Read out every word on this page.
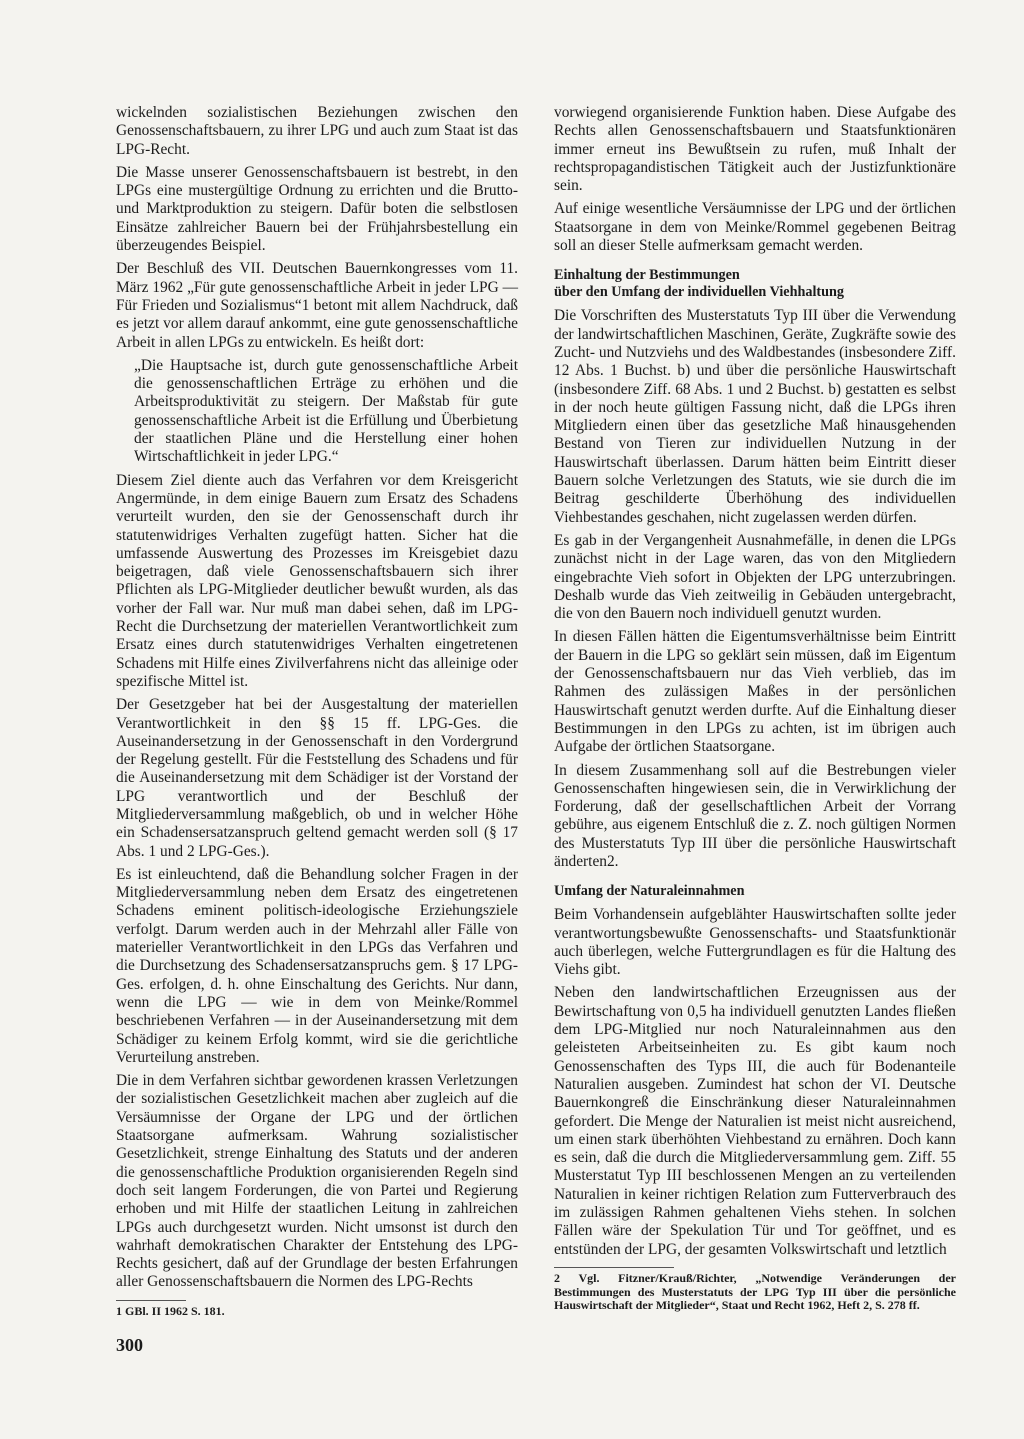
wickelnden sozialistischen Beziehungen zwischen den Genossenschaftsbauern, zu ihrer LPG und auch zum Staat ist das LPG-Recht.

Die Masse unserer Genossenschaftsbauern ist bestrebt, in den LPGs eine mustergültige Ordnung zu errichten und die Brutto- und Marktproduktion zu steigern. Dafür boten die selbstlosen Einsätze zahlreicher Bauern bei der Frühjahrsbestellung ein überzeugendes Beispiel.

Der Beschluß des VII. Deutschen Bauernkongresses vom 11. März 1962 „Für gute genossenschaftliche Arbeit in jeder LPG — Für Frieden und Sozialismus“1 betont mit allem Nachdruck, daß es jetzt vor allem darauf ankommt, eine gute genossenschaftliche Arbeit in allen LPGs zu entwickeln. Es heißt dort:

„Die Hauptsache ist, durch gute genossenschaftliche Arbeit die genossenschaftlichen Erträge zu erhöhen und die Arbeitsproduktivität zu steigern. Der Maßstab für gute genossenschaftliche Arbeit ist die Erfüllung und Überbietung der staatlichen Pläne und die Herstellung einer hohen Wirtschaftlichkeit in jeder LPG.“

Diesem Ziel diente auch das Verfahren vor dem Kreisgericht Angermünde, in dem einige Bauern zum Ersatz des Schadens verurteilt wurden, den sie der Genossenschaft durch ihr statutenwidriges Verhalten zugefügt hatten. Sicher hat die umfassende Auswertung des Prozesses im Kreisgebiet dazu beigetragen, daß viele Genossenschaftsbauern sich ihrer Pflichten als LPG-Mitglieder deutlicher bewußt wurden, als das vorher der Fall war. Nur muß man dabei sehen, daß im LPG-Recht die Durchsetzung der materiellen Verantwortlichkeit zum Ersatz eines durch statutenwidriges Verhalten eingetretenen Schadens mit Hilfe eines Zivilverfahrens nicht das alleinige oder spezifische Mittel ist.

Der Gesetzgeber hat bei der Ausgestaltung der materiellen Verantwortlichkeit in den §§ 15 ff. LPG-Ges. die Auseinandersetzung in der Genossenschaft in den Vordergrund der Regelung gestellt. Für die Feststellung des Schadens und für die Auseinandersetzung mit dem Schädiger ist der Vorstand der LPG verantwortlich und der Beschluß der Mitgliederversammlung maßgeblich, ob und in welcher Höhe ein Schadensersatzanspruch geltend gemacht werden soll (§ 17 Abs. 1 und 2 LPG-Ges.).

Es ist einleuchtend, daß die Behandlung solcher Fragen in der Mitgliederversammlung neben dem Ersatz des eingetretenen Schadens eminent politisch-ideologische Erziehungsziele verfolgt. Darum werden auch in der Mehrzahl aller Fälle von materieller Verantwortlichkeit in den LPGs das Verfahren und die Durchsetzung des Schadensersatzanspruchs gem. § 17 LPG-Ges. erfolgen, d. h. ohne Einschaltung des Gerichts. Nur dann, wenn die LPG — wie in dem von Meinke/Rommel beschriebenen Verfahren — in der Auseinandersetzung mit dem Schädiger zu keinem Erfolg kommt, wird sie die gerichtliche Verurteilung anstreben.

Die in dem Verfahren sichtbar gewordenen krassen Verletzungen der sozialistischen Gesetzlichkeit machen aber zugleich auf die Versäumnisse der Organe der LPG und der örtlichen Staatsorgane aufmerksam. Wahrung sozialistischer Gesetzlichkeit, strenge Einhaltung des Statuts und der anderen die genossenschaftliche Produktion organisierenden Regeln sind doch seit langem Forderungen, die von Partei und Regierung erhoben und mit Hilfe der staatlichen Leitung in zahlreichen LPGs auch durchgesetzt wurden. Nicht umsonst ist durch den wahrhaft demokratischen Charakter der Entstehung des LPG-Rechts gesichert, daß auf der Grundlage der besten Erfahrungen aller Genossenschaftsbauern die Normen des LPG-Rechts

1 GBl. II 1962 S. 181.

vorwiegend organisierende Funktion haben. Diese Aufgabe des Rechts allen Genossenschaftsbauern und Staatsfunktionären immer erneut ins Bewußtsein zu rufen, muß Inhalt der rechtspropagandistischen Tätigkeit auch der Justizfunktionäre sein.

Auf einige wesentliche Versäumnisse der LPG und der örtlichen Staatsorgane in dem von Meinke/Rommel gegebenen Beitrag soll an dieser Stelle aufmerksam gemacht werden.

Einhaltung der Bestimmungen
über den Umfang der individuellen Viehhaltung

Die Vorschriften des Musterstatuts Typ III über die Verwendung der landwirtschaftlichen Maschinen, Geräte, Zugkräfte sowie des Zucht- und Nutzviehs und des Waldbestandes (insbesondere Ziff. 12 Abs. 1 Buchst. b) und über die persönliche Hauswirtschaft (insbesondere Ziff. 68 Abs. 1 und 2 Buchst. b) gestatten es selbst in der noch heute gültigen Fassung nicht, daß die LPGs ihren Mitgliedern einen über das gesetzliche Maß hinausgehenden Bestand von Tieren zur individuellen Nutzung in der Hauswirtschaft überlassen. Darum hätten beim Eintritt dieser Bauern solche Verletzungen des Statuts, wie sie durch die im Beitrag geschilderte Überhöhung des individuellen Viehbestandes geschahen, nicht zugelassen werden dürfen.

Es gab in der Vergangenheit Ausnahmefälle, in denen die LPGs zunächst nicht in der Lage waren, das von den Mitgliedern eingebrachte Vieh sofort in Objekten der LPG unterzubringen. Deshalb wurde das Vieh zeitweilig in Gebäuden untergebracht, die von den Bauern noch individuell genutzt wurden.

In diesen Fällen hätten die Eigentumsverhältnisse beim Eintritt der Bauern in die LPG so geklärt sein müssen, daß im Eigentum der Genossenschaftsbauern nur das Vieh verblieb, das im Rahmen des zulässigen Maßes in der persönlichen Hauswirtschaft genutzt werden durfte. Auf die Einhaltung dieser Bestimmungen in den LPGs zu achten, ist im übrigen auch Aufgabe der örtlichen Staatsorgane.

In diesem Zusammenhang soll auf die Bestrebungen vieler Genossenschaften hingewiesen sein, die in Verwirklichung der Forderung, daß der gesellschaftlichen Arbeit der Vorrang gebühre, aus eigenem Entschluß die z. Z. noch gültigen Normen des Musterstatuts Typ III über die persönliche Hauswirtschaft änderten2.

Umfang der Naturaleinnahmen

Beim Vorhandensein aufgeblähter Hauswirtschaften sollte jeder verantwortungsbewußte Genossenschafts- und Staatsfunktionär auch überlegen, welche Futtergrundlagen es für die Haltung des Viehs gibt.

Neben den landwirtschaftlichen Erzeugnissen aus der Bewirtschaftung von 0,5 ha individuell genutzten Landes fließen dem LPG-Mitglied nur noch Naturaleinnahmen aus den geleisteten Arbeitseinheiten zu. Es gibt kaum noch Genossenschaften des Typs III, die auch für Bodenanteile Naturalien ausgeben. Zumindest hat schon der VI. Deutsche Bauernkongreß die Einschränkung dieser Naturaleinnahmen gefordert. Die Menge der Naturalien ist meist nicht ausreichend, um einen stark überhöhten Viehbestand zu ernähren. Doch kann es sein, daß die durch die Mitgliederversammlung gem. Ziff. 55 Musterstatut Typ III beschlossenen Mengen an zu verteilenden Naturalien in keiner richtigen Relation zum Futterverbrauch des im zulässigen Rahmen gehaltenen Viehs stehen. In solchen Fällen wäre der Spekulation Tür und Tor geöffnet, und es entstünden der LPG, der gesamten Volkswirtschaft und letztlich

2 Vgl. Fitzner/Krauß/Richter, „Notwendige Veränderungen der Bestimmungen des Musterstatuts der LPG Typ III über die persönliche Hauswirtschaft der Mitglieder“, Staat und Recht 1962, Heft 2, S. 278 ff.

300
